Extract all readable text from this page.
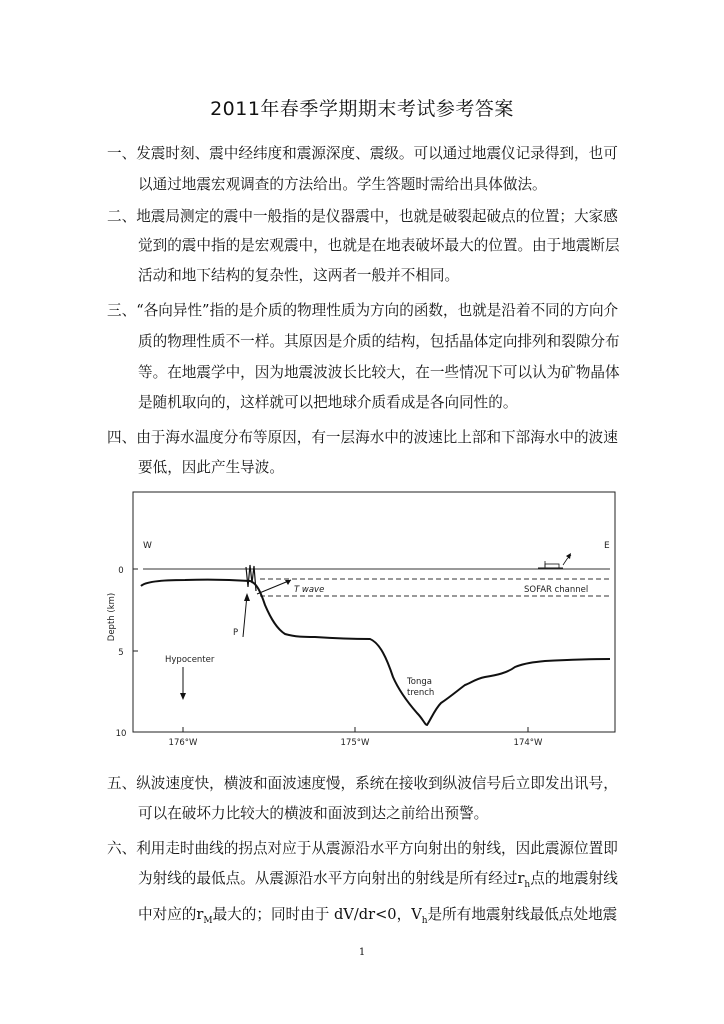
2011年春季学期期末考试参考答案
一、发震时刻、震中经纬度和震源深度、震级。可以通过地震仪记录得到，也可
以通过地震宏观调查的方法给出。学生答题时需给出具体做法。
二、地震局测定的震中一般指的是仪器震中，也就是破裂起破点的位置；大家感
觉到的震中指的是宏观震中，也就是在地表破坏最大的位置。由于地震断层
活动和地下结构的复杂性，这两者一般并不相同。
三、“各向异性”指的是介质的物理性质为方向的函数，也就是沿着不同的方向介
质的物理性质不一样。其原因是介质的结构，包括晶体定向排列和裂隙分布
等。在地震学中，因为地震波波长比较大，在一些情况下可以认为矿物晶体
是随机取向的，这样就可以把地球介质看成是各向同性的。
四、由于海水温度分布等原因，有一层海水中的波速比上部和下部海水中的波速
要低，因此产生导波。
W	E
0
5
10
Depth (km)
176°W	175°W	174°W
T wave	SOFAR channel
P
Hypocenter
Tonga
trench
五、纵波速度快，横波和面波速度慢，系统在接收到纵波信号后立即发出讯号，
可以在破坏力比较大的横波和面波到达之前给出预警。
六、利用走时曲线的拐点对应于从震源沿水平方向射出的射线，因此震源位置即
为射线的最低点。从震源沿水平方向射出的射线是所有经过$r_h$点的地震射线
中对应的$r_M$最大的；同时由于 dV/dr<0，$V_h$是所有地震射线最低点处地震
1
